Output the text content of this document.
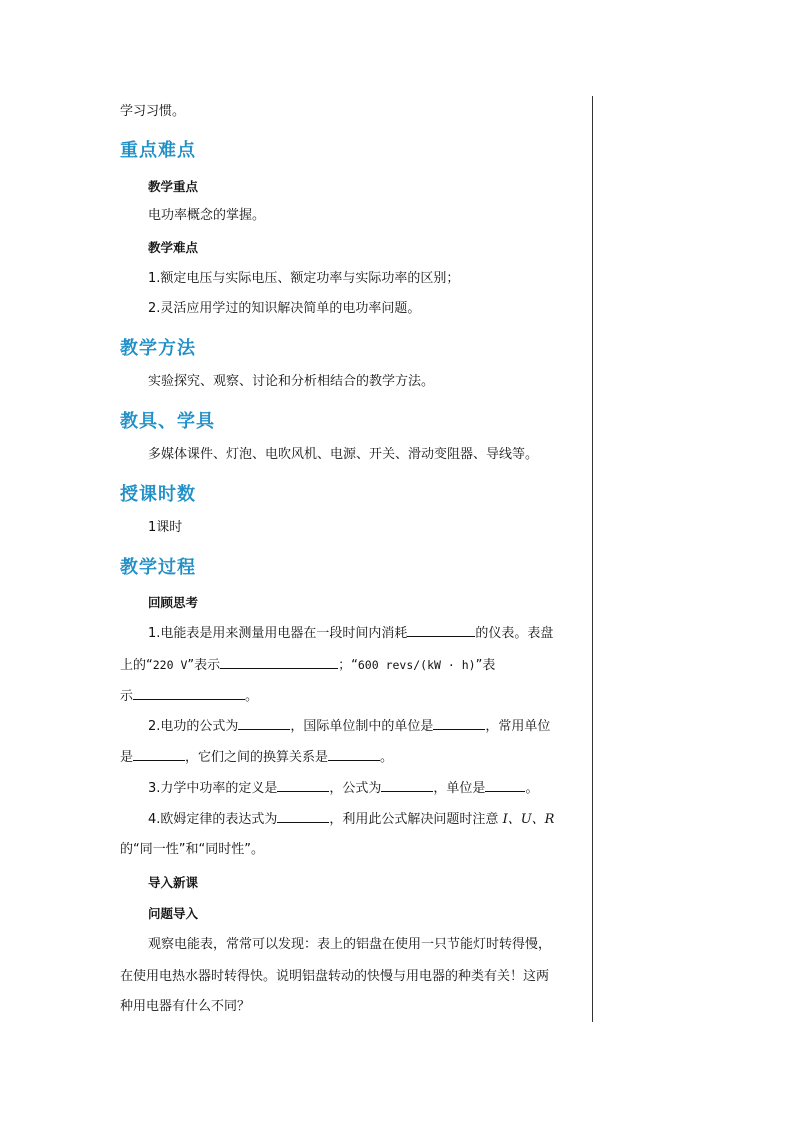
学习习惯。
重点难点
教学重点
电功率概念的掌握。
教学难点
1.额定电压与实际电压、额定功率与实际功率的区别；
2.灵活应用学过的知识解决简单的电功率问题。
教学方法
实验探究、观察、讨论和分析相结合的教学方法。
教具、学具
多媒体课件、灯泡、电吹风机、电源、开关、滑动变阻器、导线等。
授课时数
1课时
教学过程
回顾思考
1.电能表是用来测量用电器在一段时间内消耗	的仪表。表盘
上的“220 V”表示	；“600 revs/(kW · h)”表
示	。
2.电功的公式为	，国际单位制中的单位是	，常用单位
是	，它们之间的换算关系是	。
3.力学中功率的定义是	，公式为	，单位是	。
4.欧姆定律的表达式为	，利用此公式解决问题时注意 I、U、R
的“同一性”和“同时性”。
导入新课
问题导入
观察电能表，常常可以发现：表上的铝盘在使用一只节能灯时转得慢，
在使用电热水器时转得快。说明铝盘转动的快慢与用电器的种类有关！这两
种用电器有什么不同？
